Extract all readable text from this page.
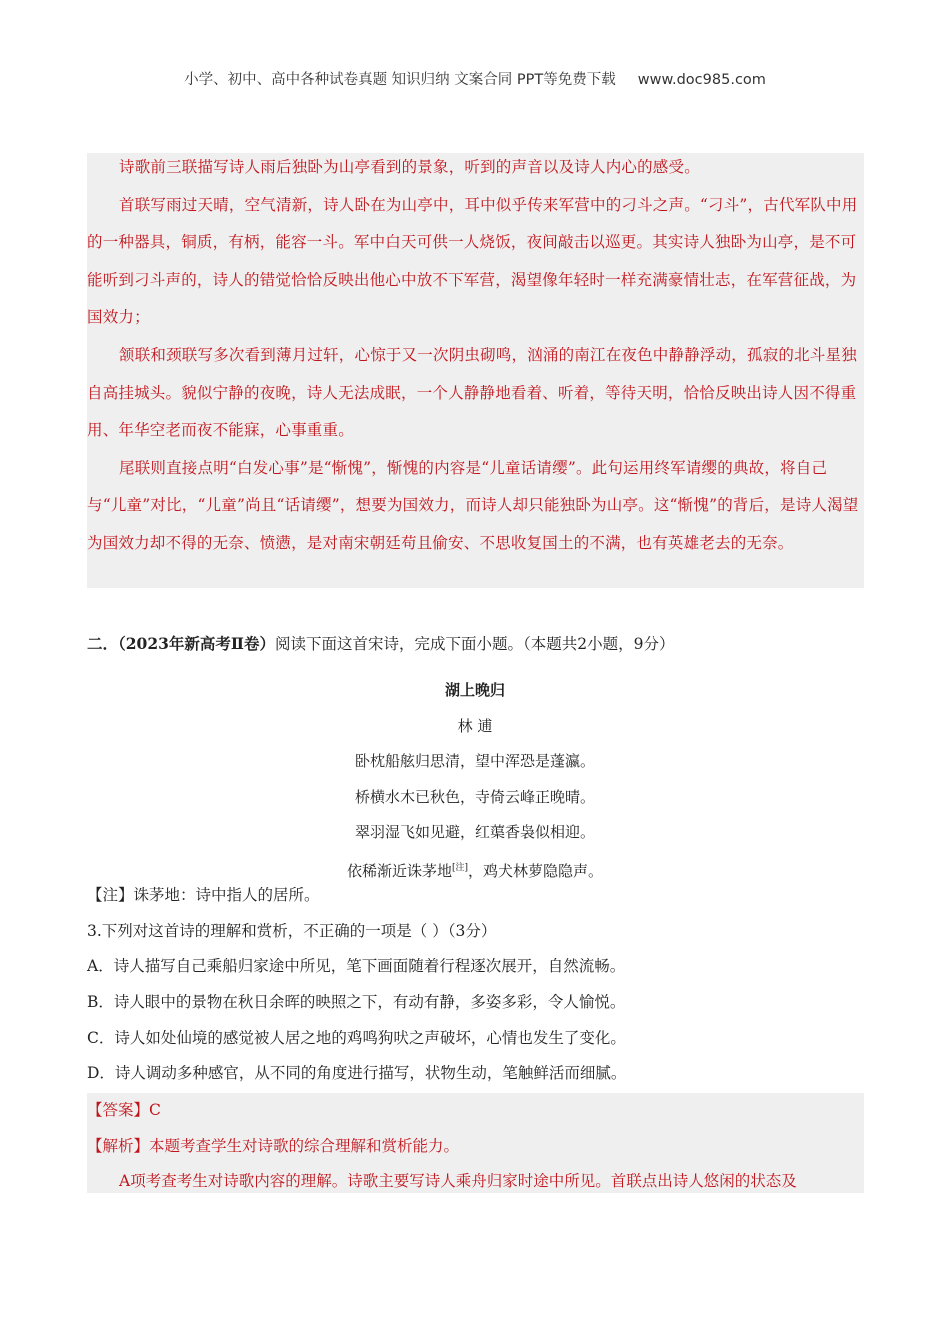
小学、初中、高中各种试卷真题 知识归纳 文案合同 PPT等免费下载 www.doc985.com

诗歌前三联描写诗人雨后独卧为山亭看到的景象，听到的声音以及诗人内心的感受。

首联写雨过天晴，空气清新，诗人卧在为山亭中，耳中似乎传来军营中的刁斗之声。“刁斗”，古代军队中用的一种器具，铜质，有柄，能容一斗。军中白天可供一人烧饭，夜间敲击以巡更。其实诗人独卧为山亭，是不可能听到刁斗声的，诗人的错觉恰恰反映出他心中放不下军营，渴望像年轻时一样充满豪情壮志，在军营征战，为国效力；

颔联和颈联写多次看到薄月过轩，心惊于又一次阴虫砌鸣，汹涌的南江在夜色中静静浮动，孤寂的北斗星独自高挂城头。貌似宁静的夜晚，诗人无法成眠，一个人静静地看着、听着，等待天明，恰恰反映出诗人因不得重用、年华空老而夜不能寐，心事重重。

尾联则直接点明“白发心事”是“惭愧”，惭愧的内容是“儿童话请缨”。此句运用终军请缨的典故，将自己与“儿童”对比，“儿童”尚且“话请缨”，想要为国效力，而诗人却只能独卧为山亭。这“惭愧”的背后，是诗人渴望为国效力却不得的无奈、愤懑，是对南宋朝廷苟且偷安、不思收复国土的不满，也有英雄老去的无奈。

二．（2023年新高考Ⅱ卷）阅读下面这首宋诗，完成下面小题。（本题共2小题，9分）
湖上晚归
林 逋
卧枕船舷归思清，望中浑恐是蓬瀛。
桥横水木已秋色，寺倚云峰正晚晴。
翠羽湿飞如见避，红蕖香袅似相迎。
依稀渐近诛茅地[注]，鸡犬林萝隐隐声。
【注】诛茅地：诗中指人的居所。
3.下列对这首诗的理解和赏析，不正确的一项是（ ）（3分）
A．诗人描写自己乘船归家途中所见，笔下画面随着行程逐次展开，自然流畅。
B．诗人眼中的景物在秋日余晖的映照之下，有动有静，多姿多彩，令人愉悦。
C．诗人如处仙境的感觉被人居之地的鸡鸣狗吠之声破坏，心情也发生了变化。
D．诗人调动多种感官，从不同的角度进行描写，状物生动，笔触鲜活而细腻。
【答案】C
【解析】本题考查学生对诗歌的综合理解和赏析能力。
A项考查考生对诗歌内容的理解。诗歌主要写诗人乘舟归家时途中所见。首联点出诗人悠闲的状态及
